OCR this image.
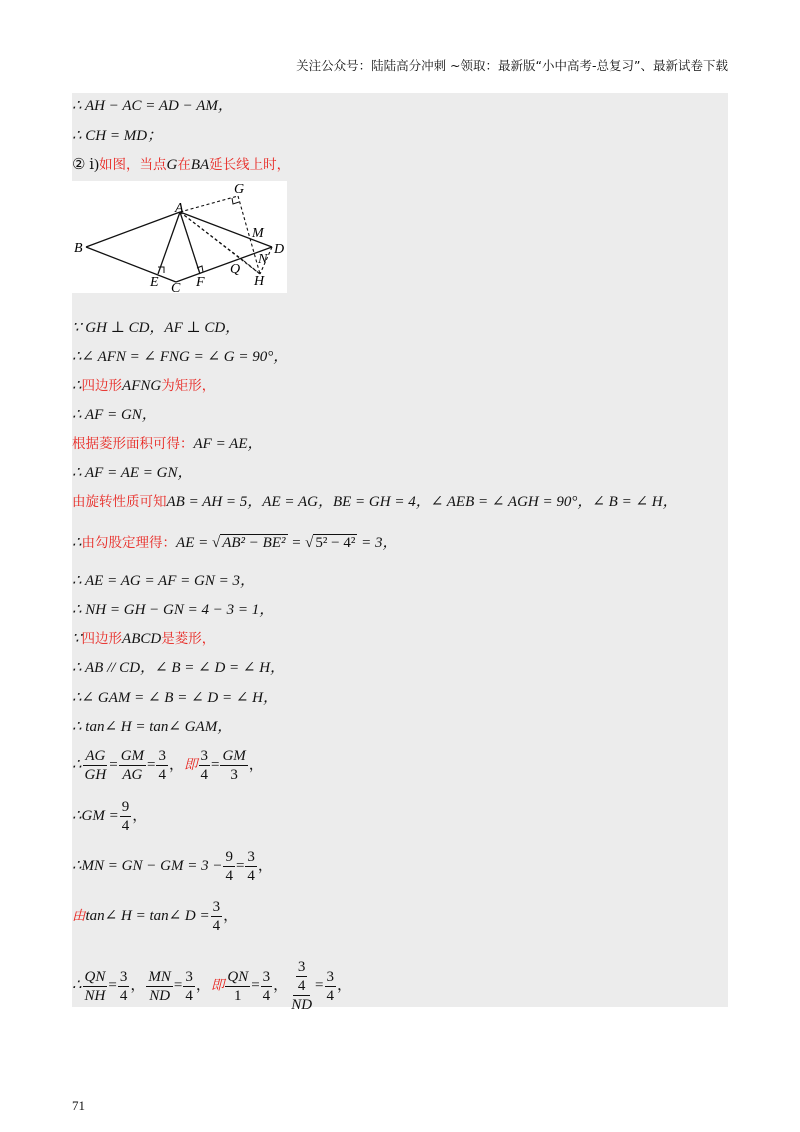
关注公众号：陆陆高分冲刺 ~领取：最新版“小中高考-总复习”、最新试卷下载
∴ AH − AC = AD − AM，
∴ CH = MD；
② ⅰ)如图，当点G在BA延长线上时，
B
A
G
M
D
N
Q
H
E	F
C
∵ GH ⊥ CD，AF ⊥ CD，
∴∠ AFN = ∠ FNG = ∠ G = 90°，
∴四边形AFNG为矩形，
∴ AF = GN，
根据菱形面积可得：AF = AE，
∴ AF = AE = GN，
由旋转性质可知AB = AH = 5，AE = AG，BE = GH = 4，∠ AEB = ∠ AGH = 90°，∠ B = ∠ H，
∴由勾股定理得：AE = √ AB² − BE² = √ 5² − 4² = 3，
∴ AE = AG = AF = GN = 3，
∴ NH = GH − GN = 4 − 3 = 1，
∵四边形ABCD是菱形，
∴ AB // CD，∠ B = ∠ D = ∠ H，
∴∠ GAM = ∠ B = ∠ D = ∠ H，
∴ tan∠ H = tan∠ GAM，
∴ $\frac{AG}{GH} = \frac{GM}{AG} = \frac{3}{4}$ ，即 $\frac{3}{4} = \frac{GM}{3}$ ，
∴GM = $\frac{9}{4}$ ，
∴MN = GN − GM = $3 - \frac{9}{4} = \frac{3}{4}$ ，
由tan∠ H = tan∠ $D = \frac{3}{4}$ ，
∴ $\frac{QN}{NH} = \frac{3}{4}$ ， $\frac{MN}{ND} = \frac{3}{4}$ ，即 $\frac{QN}{1} = \frac{3}{4}$ ， $\frac{\frac{3}{4}}{ND} = \frac{3}{4}$ ，
71
